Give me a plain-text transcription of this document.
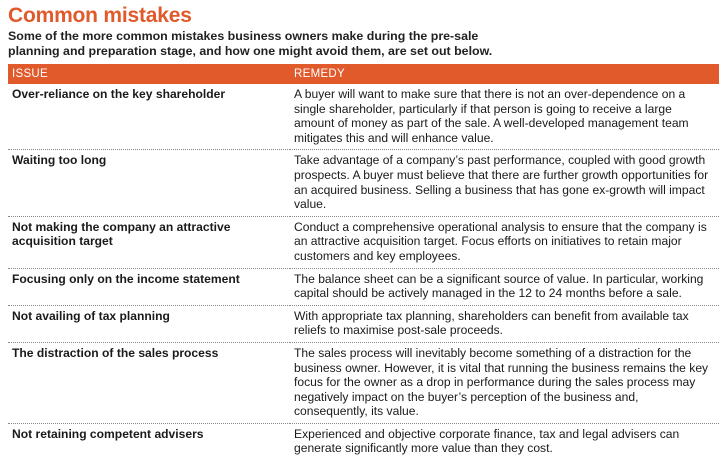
Common mistakes

Some of the more common mistakes business owners make during the pre-sale planning and preparation stage, and how one might avoid them, are set out below.

ISSUE	REMEDY
Over-reliance on the key shareholder	A buyer will want to make sure that there is not an over-dependence on a single shareholder, particularly if that person is going to receive a large amount of money as part of the sale. A well-developed management team mitigates this and will enhance value.
Waiting too long	Take advantage of a company’s past performance, coupled with good growth prospects. A buyer must believe that there are further growth opportunities for an acquired business. Selling a business that has gone ex-growth will impact value.
Not making the company an attractive acquisition target	Conduct a comprehensive operational analysis to ensure that the company is an attractive acquisition target. Focus efforts on initiatives to retain major customers and key employees.
Focusing only on the income statement	The balance sheet can be a significant source of value. In particular, working capital should be actively managed in the 12 to 24 months before a sale.
Not availing of tax planning	With appropriate tax planning, shareholders can benefit from available tax reliefs to maximise post-sale proceeds.
The distraction of the sales process	The sales process will inevitably become something of a distraction for the business owner. However, it is vital that running the business remains the key focus for the owner as a drop in performance during the sales process may negatively impact on the buyer’s perception of the business and, consequently, its value.
Not retaining competent advisers	Experienced and objective corporate finance, tax and legal advisers can generate significantly more value than they cost.
